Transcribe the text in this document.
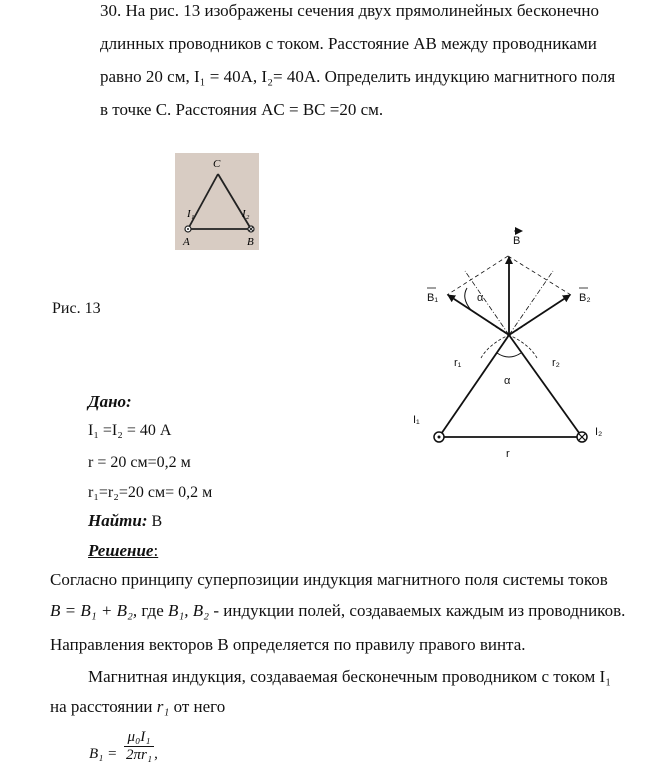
30. На рис. 13 изображены сечения двух прямолинейных бесконечно
длинных проводников с током. Расстояние АВ между проводниками
равно 20 см, I₁ = 40А, I₂= 40А. Определить индукцию магнитного поля
в точке С. Расстояния AC = BC =20 см.
C
A	B
I₁	I₂
Рис. 13
B
B₁	B₂
α
α
r₁	r₂
I₁
I₂
r
Дано:
I₁ =I₂ = 40 А
r = 20 см=0,2 м
r₁=r₂=20 см= 0,2 м
Найти: B
Решение:
Согласно принципу суперпозиции индукция магнитного поля системы токов
B = B₁ + B₂, где B₁, B₂ - индукции полей, создаваемых каждым из проводников.
Направления векторов B определяется по правилу правого винта.
Магнитная индукция, создаваемая бесконечным проводником с током I₁
на расстоянии r₁ от него
$B_1 = \frac{\text{μ₀I₁}}{\text{2πr₁}}$ ,
